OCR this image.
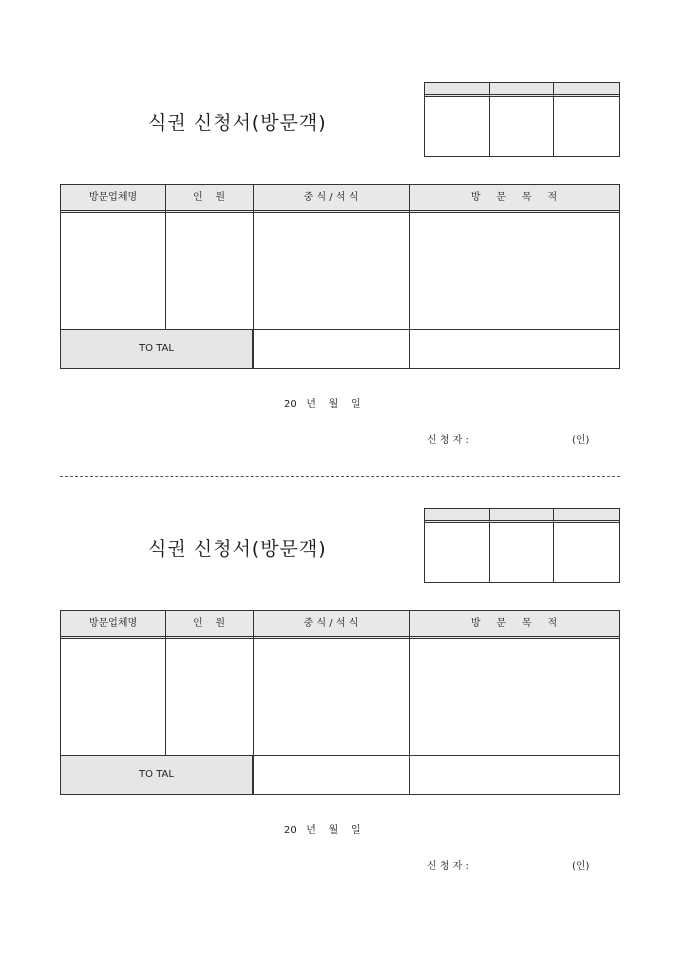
식권 신청서(방문객)
방문업체명	인    원	중 식 / 석 식	방     문     목     적
TO TAL
20   년    월    일
신 청 자 :	(인)
식권 신청서(방문객)
방문업체명	인    원	중 식 / 석 식	방     문     목     적
TO TAL
20   년    월    일
신 청 자 :	(인)
